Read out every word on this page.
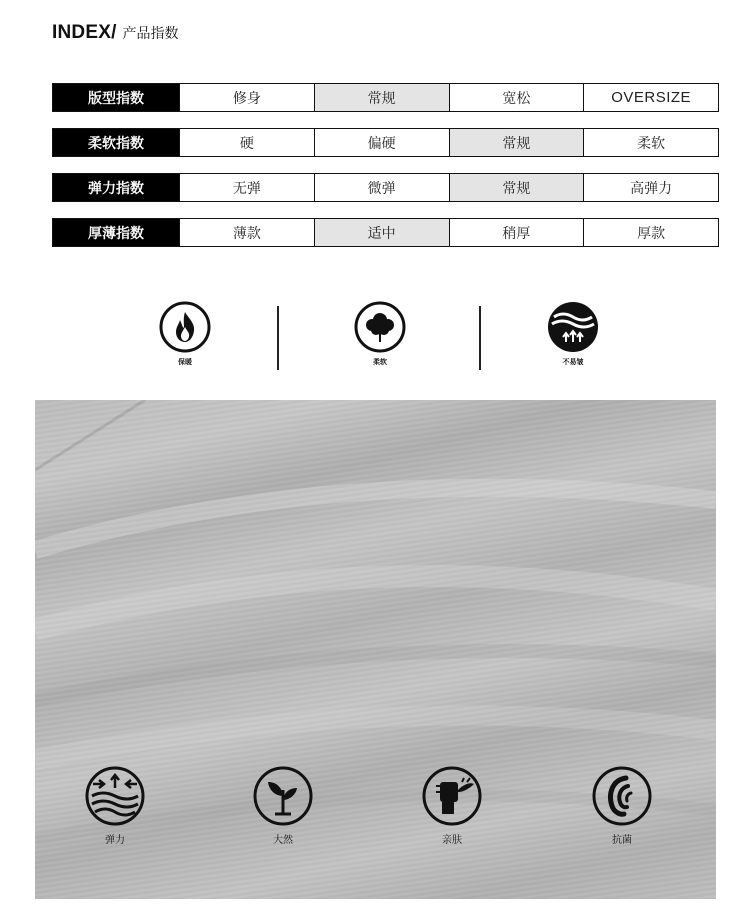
INDEX/ 产品指数
版型指数	修身	常规	宽松	OVERSIZE
柔软指数	硬	偏硬	常规	柔软
弹力指数	无弹	微弹	常规	高弹力
厚薄指数	薄款	适中	稍厚	厚款
保暖	柔软	不易皱
弹力	大然	亲肤	抗菌
